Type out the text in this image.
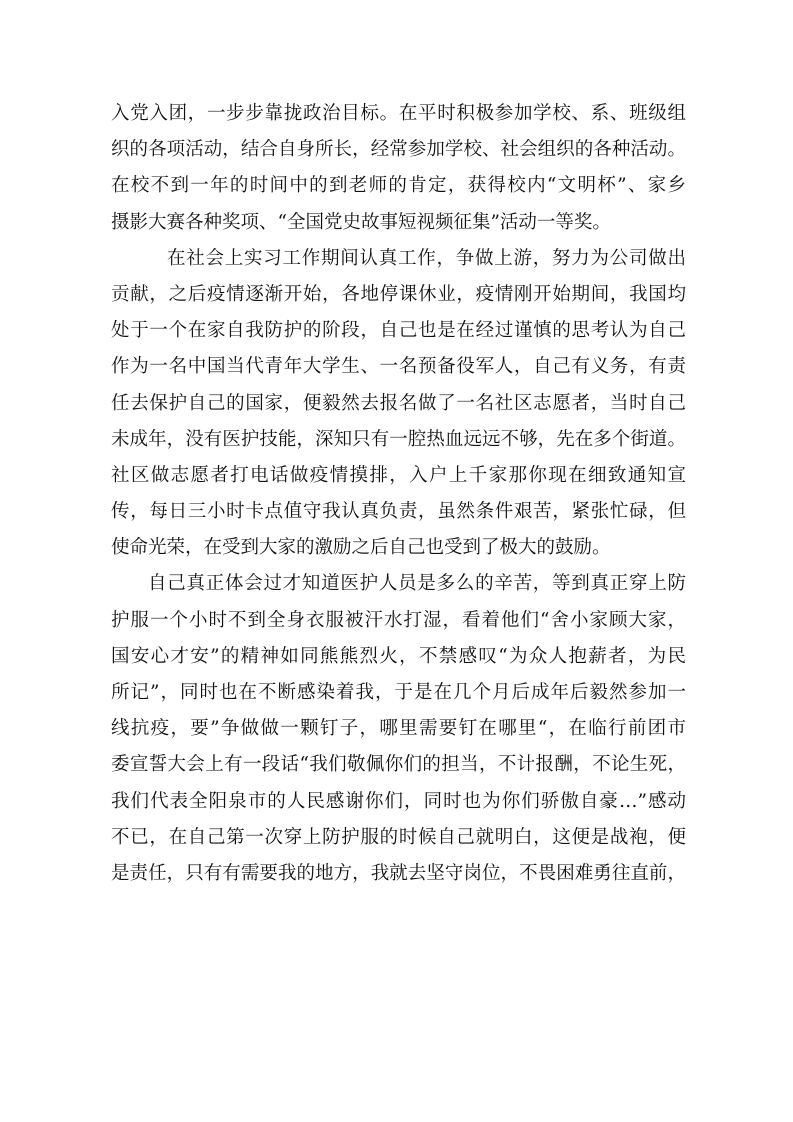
入党入团，一步步靠拢政治目标。在平时积极参加学校、系、班级组
织的各项活动，结合自身所长，经常参加学校、社会组织的各种活动。
在校不到一年的时间中的到老师的肯定，获得校内“文明杯”、家乡
摄影大赛各种奖项、“全国党史故事短视频征集”活动一等奖。
在社会上实习工作期间认真工作，争做上游，努力为公司做出
贡献，之后疫情逐渐开始，各地停课休业，疫情刚开始期间，我国均
处于一个在家自我防护的阶段，自己也是在经过谨慎的思考认为自己
作为一名中国当代青年大学生、一名预备役军人，自己有义务，有责
任去保护自己的国家，便毅然去报名做了一名社区志愿者，当时自己
未成年，没有医护技能，深知只有一腔热血远远不够，先在多个街道。
社区做志愿者打电话做疫情摸排，入户上千家那你现在细致通知宣
传，每日三小时卡点值守我认真负责，虽然条件艰苦，紧张忙碌，但
使命光荣，在受到大家的激励之后自己也受到了极大的鼓励。
自己真正体会过才知道医护人员是多么的辛苦，等到真正穿上防
护服一个小时不到全身衣服被汗水打湿，看着他们“舍小家顾大家，
国安心才安”的精神如同熊熊烈火，不禁感叹“为众人抱薪者，为民
所记”，同时也在不断感染着我，于是在几个月后成年后毅然参加一
线抗疫，要”争做做一颗钉子，哪里需要钉在哪里“，在临行前团市
委宣誓大会上有一段话“我们敬佩你们的担当，不计报酬，不论生死，
我们代表全阳泉市的人民感谢你们，同时也为你们骄傲自豪…”感动
不已，在自己第一次穿上防护服的时候自己就明白，这便是战袍，便
是责任，只有有需要我的地方，我就去坚守岗位，不畏困难勇往直前，
